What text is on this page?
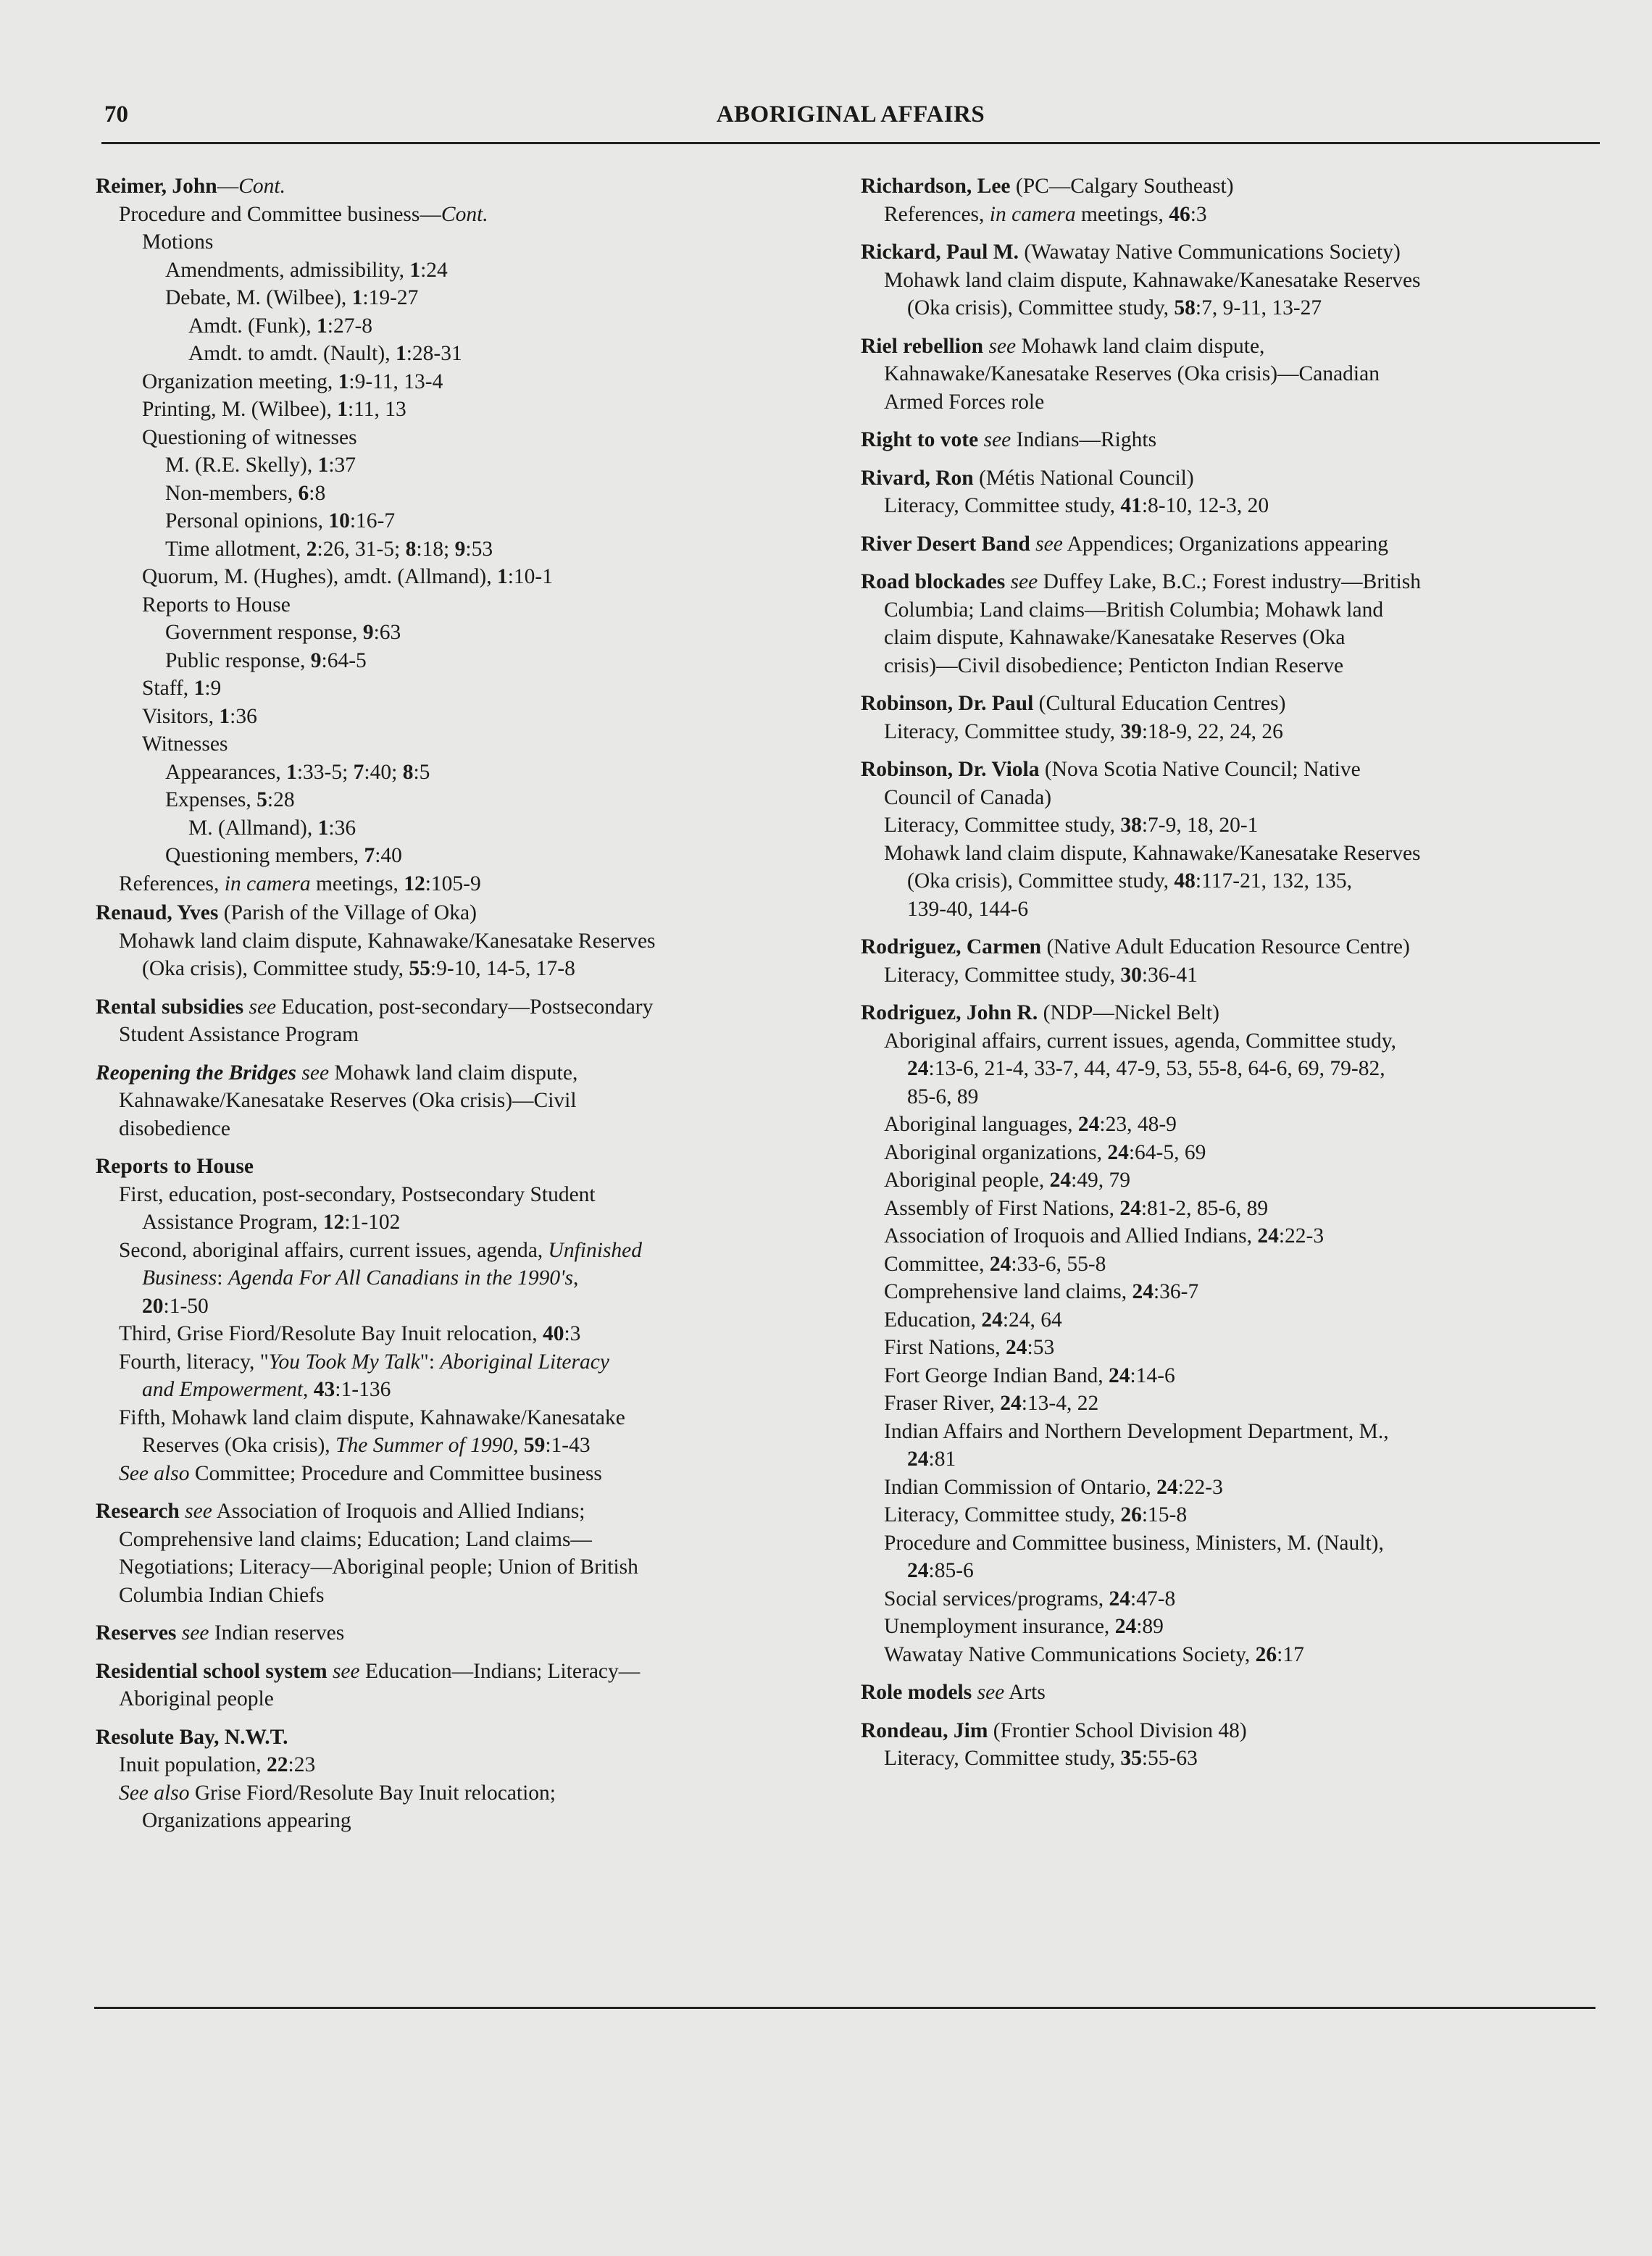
70	ABORIGINAL AFFAIRS
Reimer, John—Cont.
Procedure and Committee business—Cont.
Motions
Amendments, admissibility, 1:24
Debate, M. (Wilbee), 1:19-27
Amdt. (Funk), 1:27-8
Amdt. to amdt. (Nault), 1:28-31
Organization meeting, 1:9-11, 13-4
Printing, M. (Wilbee), 1:11, 13
Questioning of witnesses
M. (R.E. Skelly), 1:37
Non-members, 6:8
Personal opinions, 10:16-7
Time allotment, 2:26, 31-5; 8:18; 9:53
Quorum, M. (Hughes), amdt. (Allmand), 1:10-1
Reports to House
Government response, 9:63
Public response, 9:64-5
Staff, 1:9
Visitors, 1:36
Witnesses
Appearances, 1:33-5; 7:40; 8:5
Expenses, 5:28
M. (Allmand), 1:36
Questioning members, 7:40
References, in camera meetings, 12:105-9
Renaud, Yves (Parish of the Village of Oka)
Mohawk land claim dispute, Kahnawake/Kanesatake Reserves
(Oka crisis), Committee study, 55:9-10, 14-5, 17-8
Rental subsidies see Education, post-secondary—Postsecondary
Student Assistance Program
Reopening the Bridges see Mohawk land claim dispute,
Kahnawake/Kanesatake Reserves (Oka crisis)—Civil
disobedience
Reports to House
First, education, post-secondary, Postsecondary Student
Assistance Program, 12:1-102
Second, aboriginal affairs, current issues, agenda, Unfinished
Business: Agenda For All Canadians in the 1990's,
20:1-50
Third, Grise Fiord/Resolute Bay Inuit relocation, 40:3
Fourth, literacy, "You Took My Talk": Aboriginal Literacy
and Empowerment, 43:1-136
Fifth, Mohawk land claim dispute, Kahnawake/Kanesatake
Reserves (Oka crisis), The Summer of 1990, 59:1-43
See also Committee; Procedure and Committee business
Research see Association of Iroquois and Allied Indians;
Comprehensive land claims; Education; Land claims—
Negotiations; Literacy—Aboriginal people; Union of British
Columbia Indian Chiefs
Reserves see Indian reserves
Residential school system see Education—Indians; Literacy—
Aboriginal people
Resolute Bay, N.W.T.
Inuit population, 22:23
See also Grise Fiord/Resolute Bay Inuit relocation;
Organizations appearing
Richardson, Lee (PC—Calgary Southeast)
References, in camera meetings, 46:3
Rickard, Paul M. (Wawatay Native Communications Society)
Mohawk land claim dispute, Kahnawake/Kanesatake Reserves
(Oka crisis), Committee study, 58:7, 9-11, 13-27
Riel rebellion see Mohawk land claim dispute,
Kahnawake/Kanesatake Reserves (Oka crisis)—Canadian
Armed Forces role
Right to vote see Indians—Rights
Rivard, Ron (Métis National Council)
Literacy, Committee study, 41:8-10, 12-3, 20
River Desert Band see Appendices; Organizations appearing
Road blockades see Duffey Lake, B.C.; Forest industry—British
Columbia; Land claims—British Columbia; Mohawk land
claim dispute, Kahnawake/Kanesatake Reserves (Oka
crisis)—Civil disobedience; Penticton Indian Reserve
Robinson, Dr. Paul (Cultural Education Centres)
Literacy, Committee study, 39:18-9, 22, 24, 26
Robinson, Dr. Viola (Nova Scotia Native Council; Native
Council of Canada)
Literacy, Committee study, 38:7-9, 18, 20-1
Mohawk land claim dispute, Kahnawake/Kanesatake Reserves
(Oka crisis), Committee study, 48:117-21, 132, 135,
139-40, 144-6
Rodriguez, Carmen (Native Adult Education Resource Centre)
Literacy, Committee study, 30:36-41
Rodriguez, John R. (NDP—Nickel Belt)
Aboriginal affairs, current issues, agenda, Committee study,
24:13-6, 21-4, 33-7, 44, 47-9, 53, 55-8, 64-6, 69, 79-82,
85-6, 89
Aboriginal languages, 24:23, 48-9
Aboriginal organizations, 24:64-5, 69
Aboriginal people, 24:49, 79
Assembly of First Nations, 24:81-2, 85-6, 89
Association of Iroquois and Allied Indians, 24:22-3
Committee, 24:33-6, 55-8
Comprehensive land claims, 24:36-7
Education, 24:24, 64
First Nations, 24:53
Fort George Indian Band, 24:14-6
Fraser River, 24:13-4, 22
Indian Affairs and Northern Development Department, M.,
24:81
Indian Commission of Ontario, 24:22-3
Literacy, Committee study, 26:15-8
Procedure and Committee business, Ministers, M. (Nault),
24:85-6
Social services/programs, 24:47-8
Unemployment insurance, 24:89
Wawatay Native Communications Society, 26:17
Role models see Arts
Rondeau, Jim (Frontier School Division 48)
Literacy, Committee study, 35:55-63
